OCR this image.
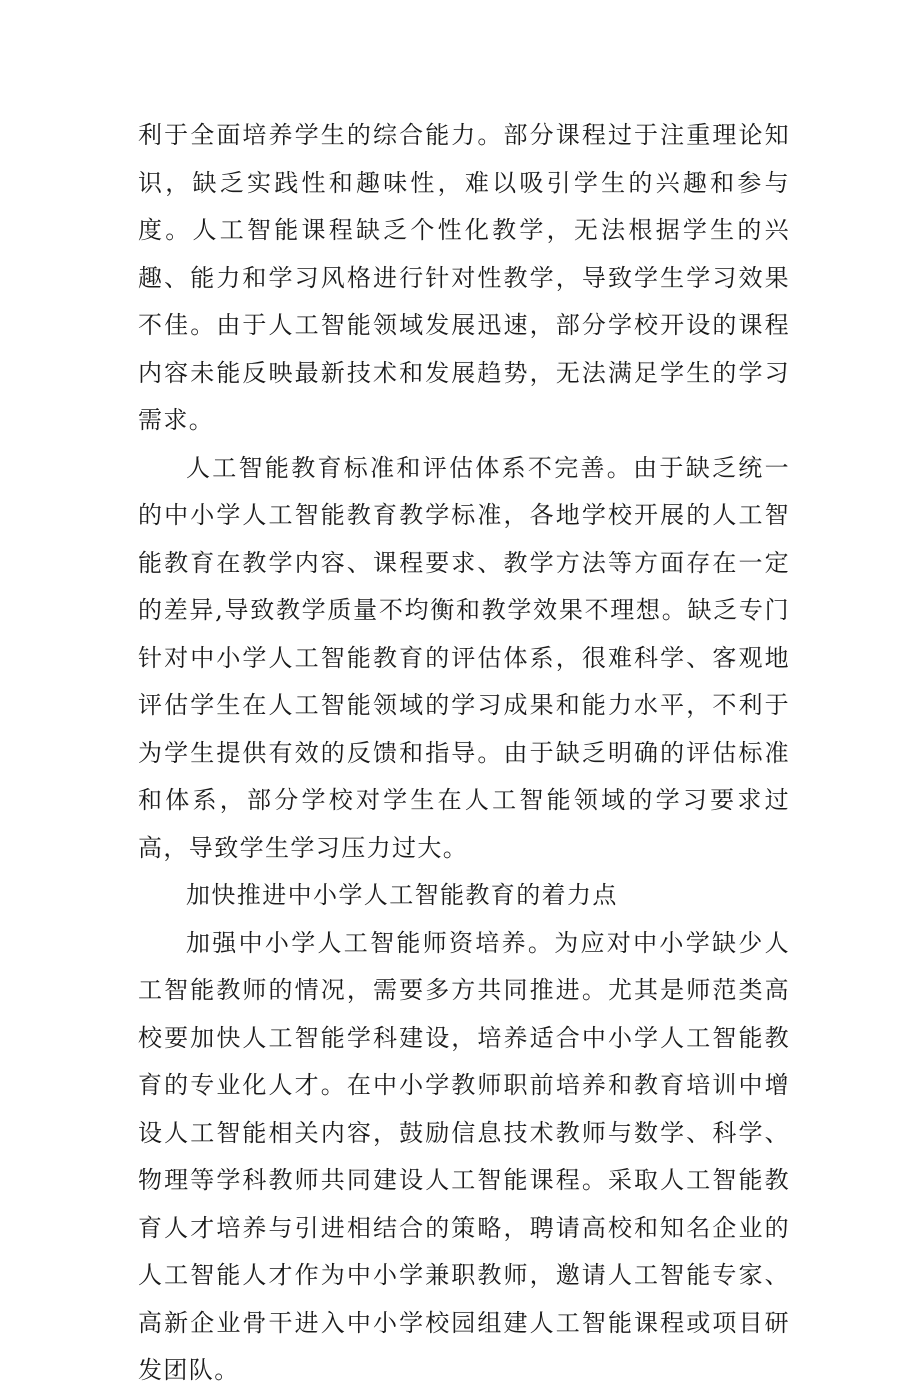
利于全面培养学生的综合能力。部分课程过于注重理论知识，缺乏实践性和趣味性，难以吸引学生的兴趣和参与度。人工智能课程缺乏个性化教学，无法根据学生的兴趣、能力和学习风格进行针对性教学，导致学生学习效果不佳。由于人工智能领域发展迅速，部分学校开设的课程内容未能反映最新技术和发展趋势，无法满足学生的学习需求。

人工智能教育标准和评估体系不完善。由于缺乏统一的中小学人工智能教育教学标准，各地学校开展的人工智能教育在教学内容、课程要求、教学方法等方面存在一定的差异,导致教学质量不均衡和教学效果不理想。缺乏专门针对中小学人工智能教育的评估体系，很难科学、客观地评估学生在人工智能领域的学习成果和能力水平，不利于为学生提供有效的反馈和指导。由于缺乏明确的评估标准和体系，部分学校对学生在人工智能领域的学习要求过高，导致学生学习压力过大。

加快推进中小学人工智能教育的着力点

加强中小学人工智能师资培养。为应对中小学缺少人工智能教师的情况，需要多方共同推进。尤其是师范类高校要加快人工智能学科建设，培养适合中小学人工智能教育的专业化人才。在中小学教师职前培养和教育培训中增设人工智能相关内容，鼓励信息技术教师与数学、科学、物理等学科教师共同建设人工智能课程。采取人工智能教育人才培养与引进相结合的策略，聘请高校和知名企业的人工智能人才作为中小学兼职教师，邀请人工智能专家、高新企业骨干进入中小学校园组建人工智能课程或项目研发团队。
